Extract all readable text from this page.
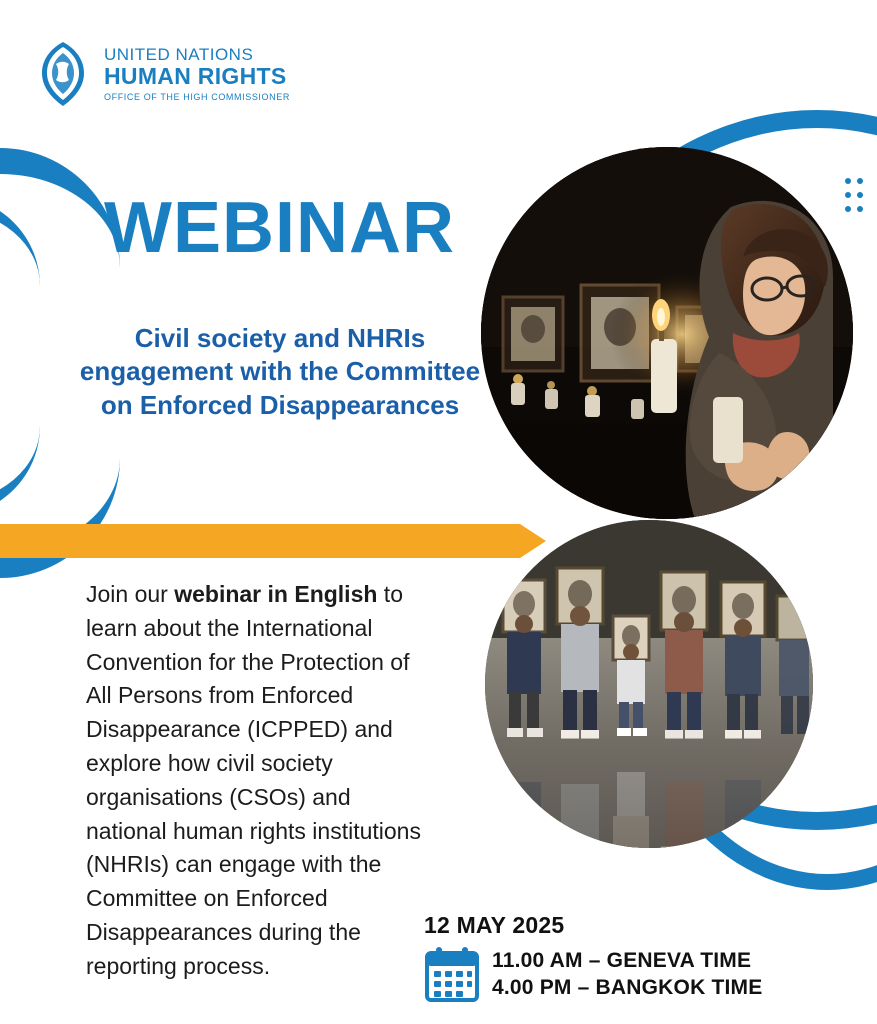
UNITED NATIONS
HUMAN RIGHTS
OFFICE OF THE HIGH COMMISSIONER
WEBINAR
Civil society and NHRIs engagement with the Committee on Enforced Disappearances
Join our webinar in English to learn about the International Convention for the Protection of All Persons from Enforced Disappearance (ICPPED) and explore how civil society organisations (CSOs) and national human rights institutions (NHRIs) can engage with the Committee on Enforced Disappearances during the reporting process.
© UNPRPD FUND/UNDP, ARTEM HETMAN, UKRAINE. PUBLISHED IN THE UNPRPD FUND'S ANNUAL REPORT 2022
12 MAY 2025
11.00 AM – GENEVA TIME
4.00 PM – BANGKOK TIME
